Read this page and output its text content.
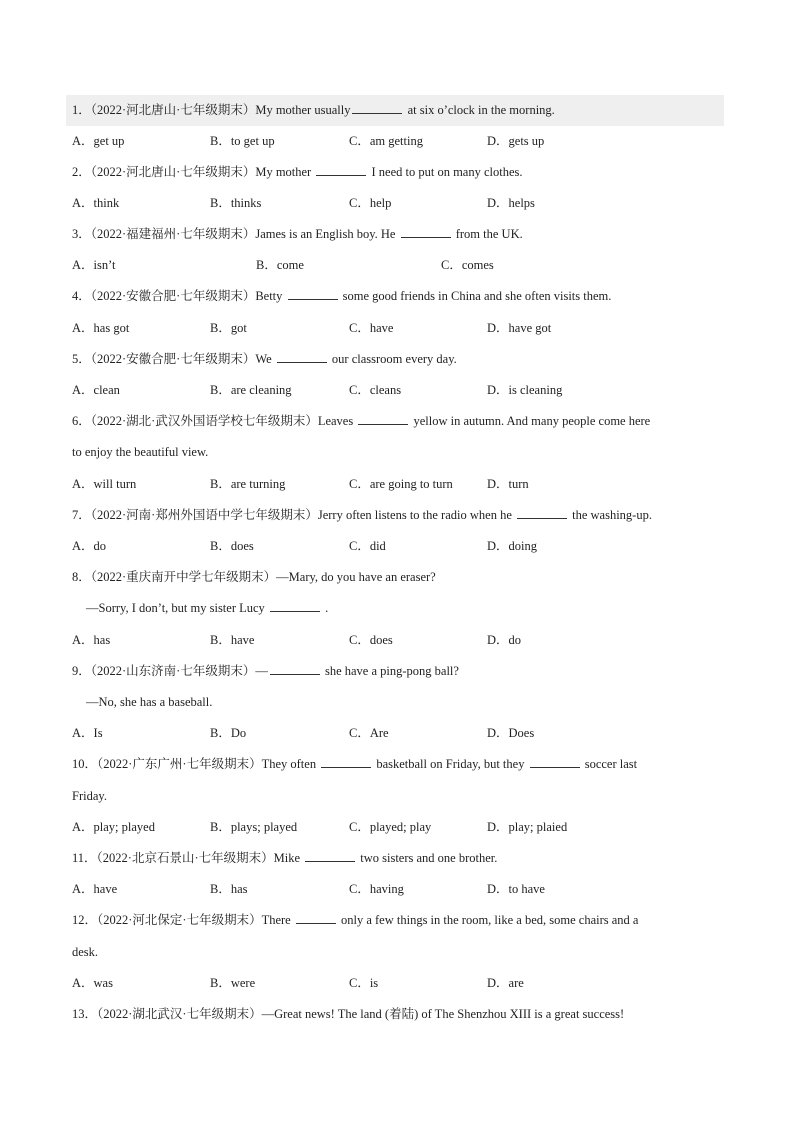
1．（2022·河北唐山·七年级期末）My mother usually	at six o’clock in the morning.
A．get up	B．to get up	C．am getting	D．gets up
2．（2022·河北唐山·七年级期末）My mother	I need to put on many clothes.
A．think	B．thinks	C．help	D．helps
3．（2022·福建福州·七年级期末）James is an English boy. He	from the UK.
A．isn’t	B．come	C．comes
4．（2022·安徽合肥·七年级期末）Betty	some good friends in China and she often visits them.
A．has got	B．got	C．have	D．have got
5．（2022·安徽合肥·七年级期末）We	our classroom every day.
A．clean	B．are cleaning	C．cleans	D．is cleaning
6．（2022·湖北·武汉外国语学校七年级期末）Leaves	yellow in autumn. And many people come here
to enjoy the beautiful view.
A．will turn	B．are turning	C．are going to turn	D．turn
7．（2022·河南·郑州外国语中学七年级期末）Jerry often listens to the radio when he	the washing-up.
A．do	B．does	C．did	D．doing
8．（2022·重庆南开中学七年级期末）—Mary, do you have an eraser?
—Sorry, I don’t, but my sister Lucy	.
A．has	B．have	C．does	D．do
9．（2022·山东济南·七年级期末）—	she have a ping-pong ball?
—No, she has a baseball.
A．Is	B．Do	C．Are	D．Does
10．（2022·广东广州·七年级期末）They often	basketball on Friday, but they	soccer last
Friday.
A．play; played	B．plays; played	C．played; play	D．play; plaied
11．（2022·北京石景山·七年级期末）Mike	two sisters and one brother.
A．have	B．has	C．having	D．to have
12．（2022·河北保定·七年级期末）There	only a few things in the room, like a bed, some chairs and a
desk.
A．was	B．were	C．is	D．are
13．（2022·湖北武汉·七年级期末）—Great news! The land (着陆) of The Shenzhou XIII is a great success!
